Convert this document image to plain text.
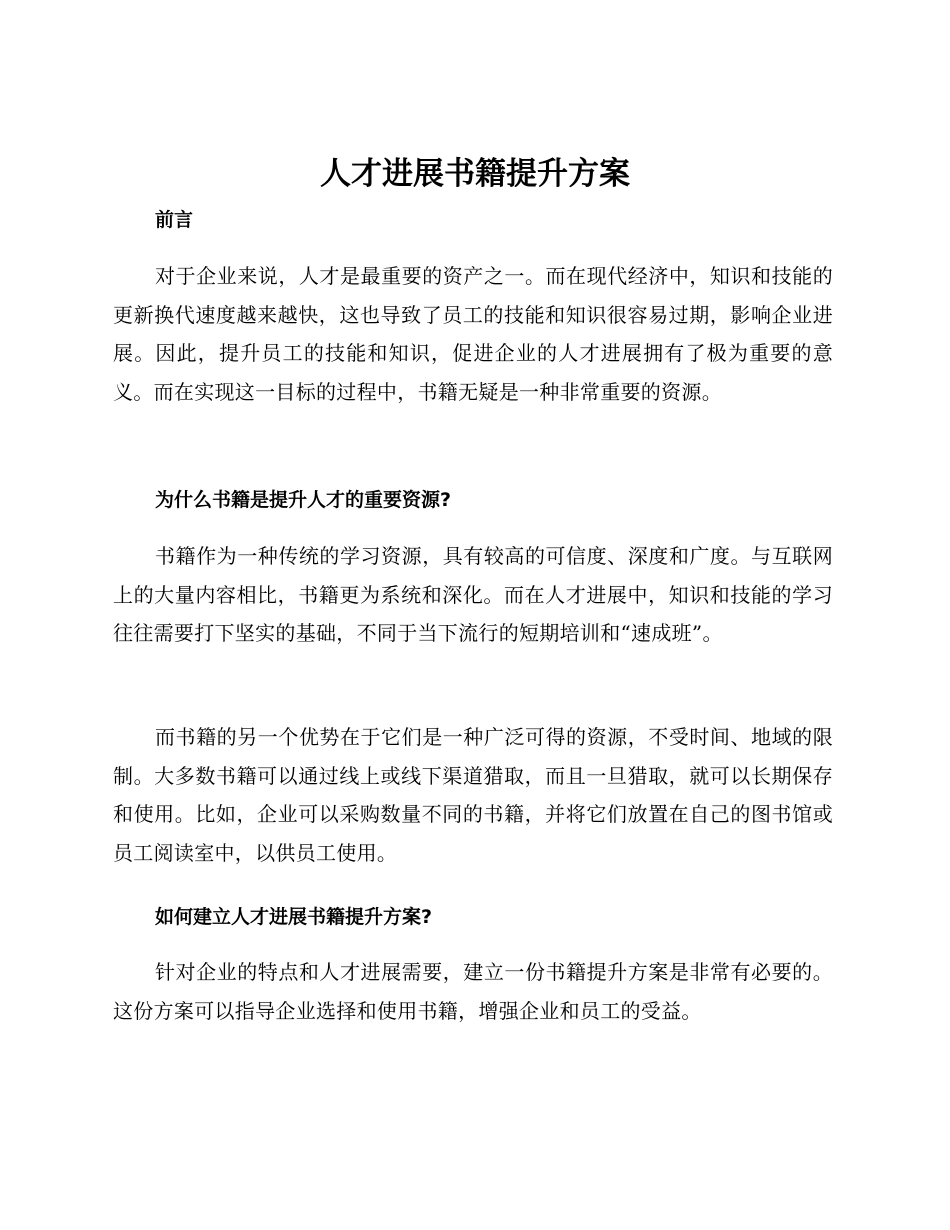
人才进展书籍提升方案
前言

对于企业来说，人才是最重要的资产之一。而在现代经济中，知识和技能的更新换代速度越来越快，这也导致了员工的技能和知识很容易过期，影响企业进展。因此，提升员工的技能和知识，促进企业的人才进展拥有了极为重要的意义。而在实现这一目标的过程中，书籍无疑是一种非常重要的资源。

为什么书籍是提升人才的重要资源?

书籍作为一种传统的学习资源，具有较高的可信度、深度和广度。与互联网上的大量内容相比，书籍更为系统和深化。而在人才进展中，知识和技能的学习往往需要打下坚实的基础，不同于当下流行的短期培训和“速成班”。

而书籍的另一个优势在于它们是一种广泛可得的资源，不受时间、地域的限制。大多数书籍可以通过线上或线下渠道猎取，而且一旦猎取，就可以长期保存和使用。比如，企业可以采购数量不同的书籍，并将它们放置在自己的图书馆或员工阅读室中，以供员工使用。

如何建立人才进展书籍提升方案?

针对企业的特点和人才进展需要，建立一份书籍提升方案是非常有必要的。这份方案可以指导企业选择和使用书籍，增强企业和员工的受益。
